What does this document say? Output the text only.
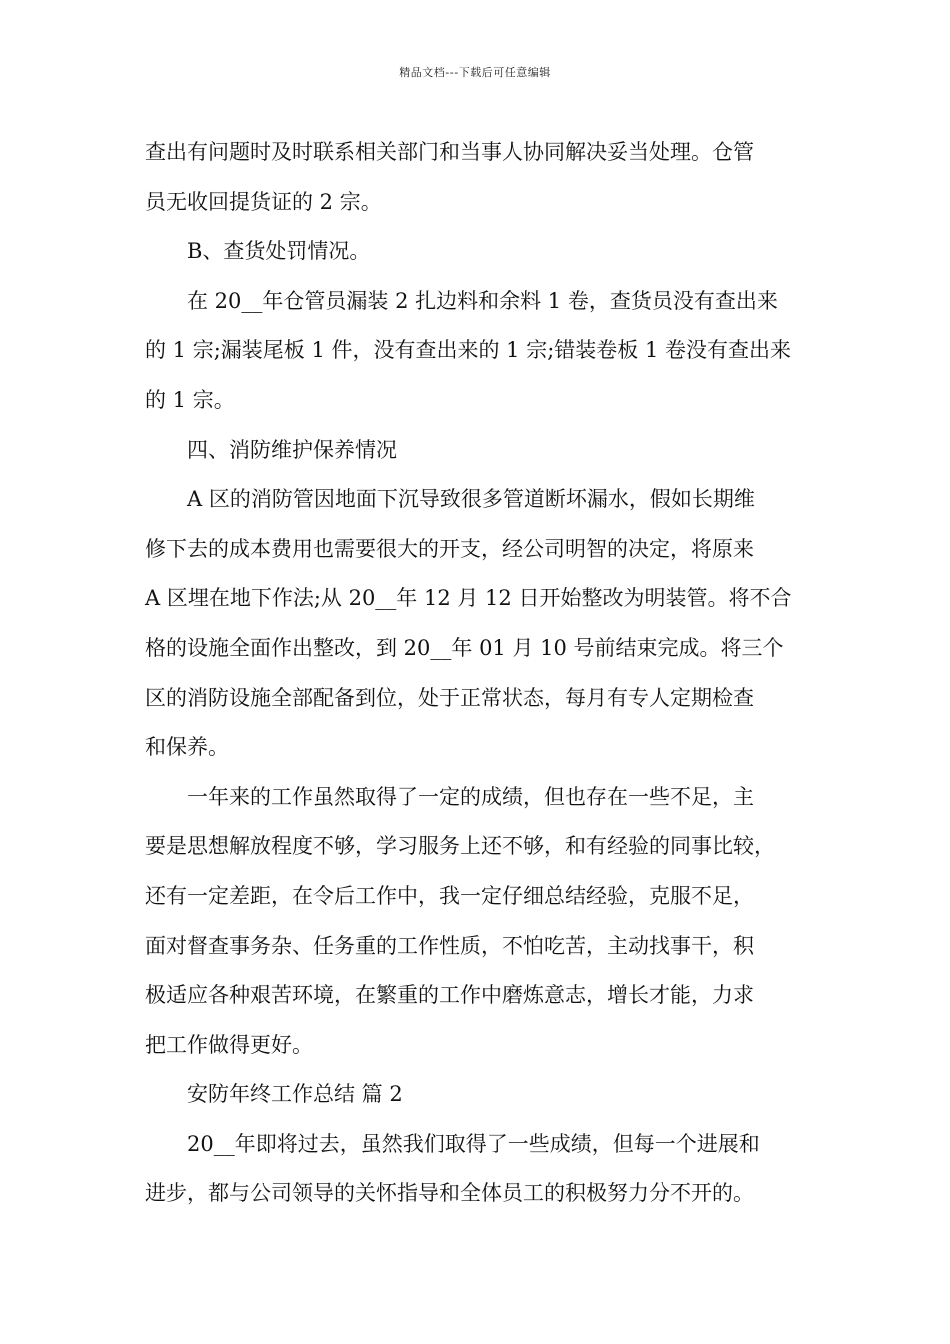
精品文档---下载后可任意编辑

查出有问题时及时联系相关部门和当事人协同解决妥当处理。仓管
员无收回提货证的 2 宗。

B、查货处罚情况。

在 20__年仓管员漏装 2 扎边料和余料 1 卷，查货员没有查出来
的 1 宗;漏装尾板 1 件，没有查出来的 1 宗;错装卷板 1 卷没有查出来
的 1 宗。

四、消防维护保养情况

A 区的消防管因地面下沉导致很多管道断坏漏水，假如长期维
修下去的成本费用也需要很大的开支，经公司明智的决定，将原来
A 区埋在地下作法;从 20__年 12 月 12 日开始整改为明装管。将不合
格的设施全面作出整改，到 20__年 01 月 10 号前结束完成。将三个
区的消防设施全部配备到位，处于正常状态，每月有专人定期检查
和保养。

一年来的工作虽然取得了一定的成绩，但也存在一些不足，主
要是思想解放程度不够，学习服务上还不够，和有经验的同事比较，
还有一定差距，在令后工作中，我一定仔细总结经验，克服不足，
面对督查事务杂、任务重的工作性质，不怕吃苦，主动找事干，积
极适应各种艰苦环境，在繁重的工作中磨炼意志，增长才能，力求
把工作做得更好。

安防年终工作总结 篇 2

20__年即将过去，虽然我们取得了一些成绩，但每一个进展和
进步，都与公司领导的关怀指导和全体员工的积极努力分不开的。
